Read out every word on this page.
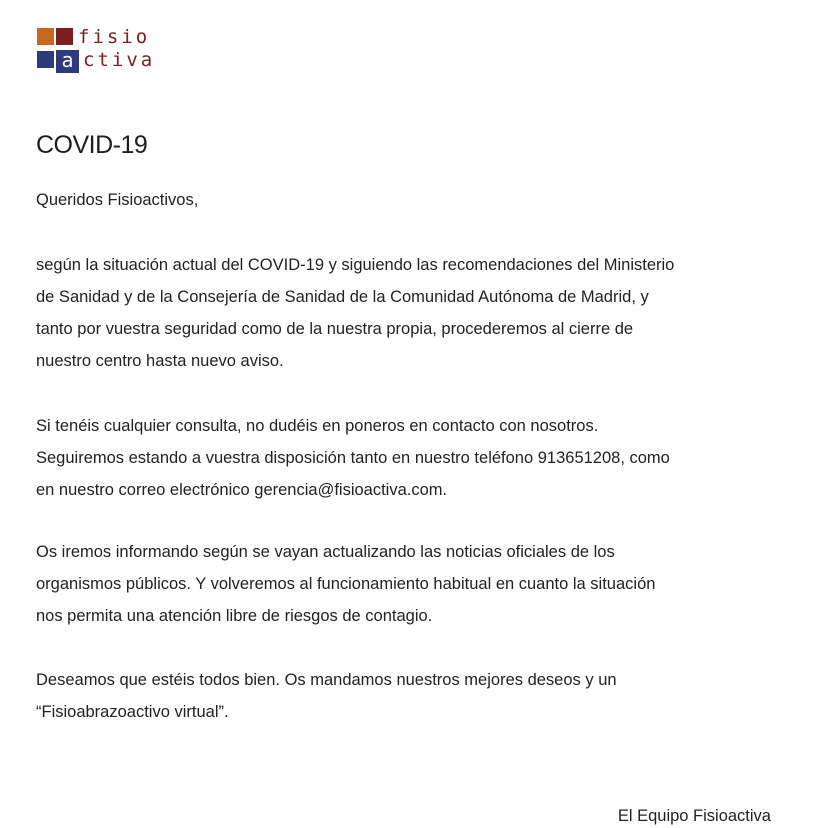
a
fisio
ctiva
COVID-19

Queridos Fisioactivos,

según la situación actual del COVID-19 y siguiendo las recomendaciones del Ministerio
de Sanidad y de la Consejería de Sanidad de la Comunidad Autónoma de Madrid, y
tanto por vuestra seguridad como de la nuestra propia, procederemos al cierre de
nuestro centro hasta nuevo aviso.

Si tenéis cualquier consulta, no dudéis en poneros en contacto con nosotros.
Seguiremos estando a vuestra disposición tanto en nuestro teléfono 913651208, como
en nuestro correo electrónico gerencia@fisioactiva.com.

Os iremos informando según se vayan actualizando las noticias oficiales de los
organismos públicos. Y volveremos al funcionamiento habitual en cuanto la situación
nos permita una atención libre de riesgos de contagio.

Deseamos que estéis todos bien. Os mandamos nuestros mejores deseos y un
“Fisioabrazoactivo virtual”.

El Equipo Fisioactiva
